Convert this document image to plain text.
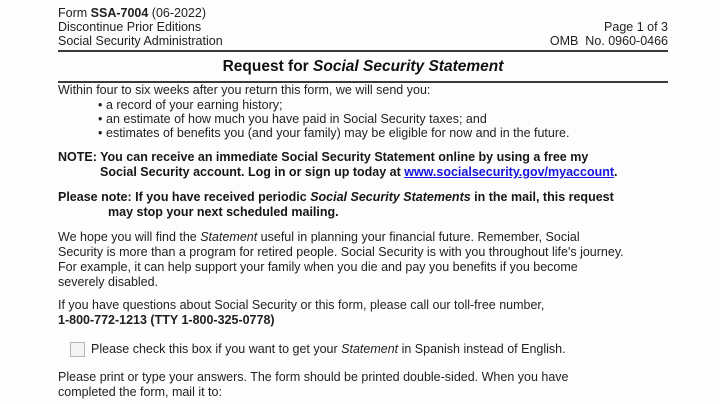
Form SSA-7004 (06-2022)
Discontinue Prior Editions
Social Security Administration
Page 1 of 3
OMB  No. 0960-0466
Request for Social Security Statement

Within four to six weeks after you return this form, we will send you:

• a record of your earning history;
• an estimate of how much you have paid in Social Security taxes; and
• estimates of benefits you (and your family) may be eligible for now and in the future.
NOTE: You can receive an immediate Social Security Statement online by using a free my
Social Security account. Log in or sign up today at www.socialsecurity.gov/myaccount.
Please note: If you have received periodic Social Security Statements in the mail, this request
may stop your next scheduled mailing.
We hope you will find the Statement useful in planning your financial future. Remember, Social
Security is more than a program for retired people. Social Security is with you throughout life's journey.
For example, it can help support your family when you die and pay you benefits if you become
severely disabled.
If you have questions about Social Security or this form, please call our toll-free number,
1-800-772-1213 (TTY 1-800-325-0778)
Please check this box if you want to get your Statement in Spanish instead of English.
Please print or type your answers. The form should be printed double-sided. When you have
completed the form, mail it to:
